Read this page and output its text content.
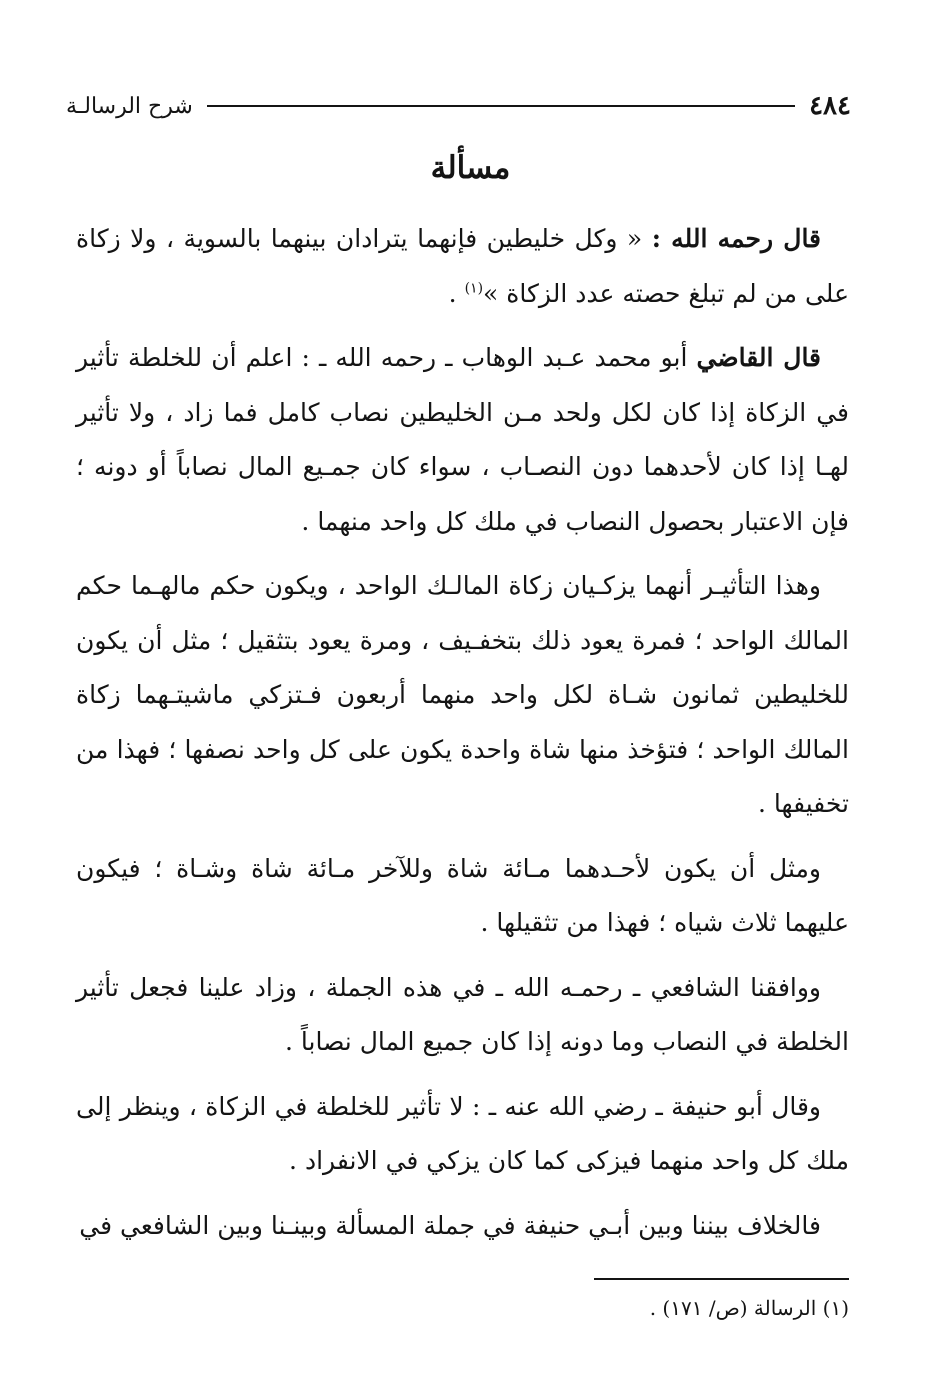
٤٨٤
شرح الرسالـة
مسألة

قال رحمه الله : « وكل خليطين فإنهما يترادان بينهما بالسوية ، ولا زكاة على من لم تبلغ حصته عدد الزكاة »$^{(١)}$ .

قال القاضي أبو محمد عـبد الوهاب ـ رحمه الله ـ : اعلم أن للخلطة تأثير في الزكاة إذا كان لكل ولحد مـن الخليطين نصاب كامل فما زاد ، ولا تأثير لهـا إذا كان لأحدهما دون النصـاب ، سواء كان جمـيع المال نصاباً أو دونه ؛ فإن الاعتبار بحصول النصاب في ملك كل واحد منهما .

وهذا التأثيـر أنهما يزكـيان زكاة المالـك الواحد ، ويكون حكم مالهـما حكم المالك الواحد ؛ فمرة يعود ذلك بتخفـيف ، ومرة يعود بتثقيل ؛ مثل أن يكون للخليطين ثمانون شـاة لكل واحد منهما أربعون فـتزكي ماشيتـهما زكاة المالك الواحد ؛ فتؤخذ منها شاة واحدة يكون على كل واحد نصفها ؛ فهذا من تخفيفها .

ومثل أن يكون لأحـدهما مـائة شاة وللآخر مـائة شاة وشـاة ؛ فيكون عليهما ثلاث شياه ؛ فهذا من تثقيلها .

ووافقنا الشافعي ـ رحمـه الله ـ في هذه الجملة ، وزاد علينا فجعل تأثير الخلطة في النصاب وما دونه إذا كان جميع المال نصاباً .

وقال أبو حنيفة ـ رضي الله عنه ـ : لا تأثير للخلطة في الزكاة ، وينظر إلى ملك كل واحد منهما فيزكى كما كان يزكي في الانفراد .

فالخلاف بيننا وبين أبـي حنيفة في جملة المسألة وبينـنا وبين الشافعي في

(١) الرسالة (ص/ ١٧١) .
